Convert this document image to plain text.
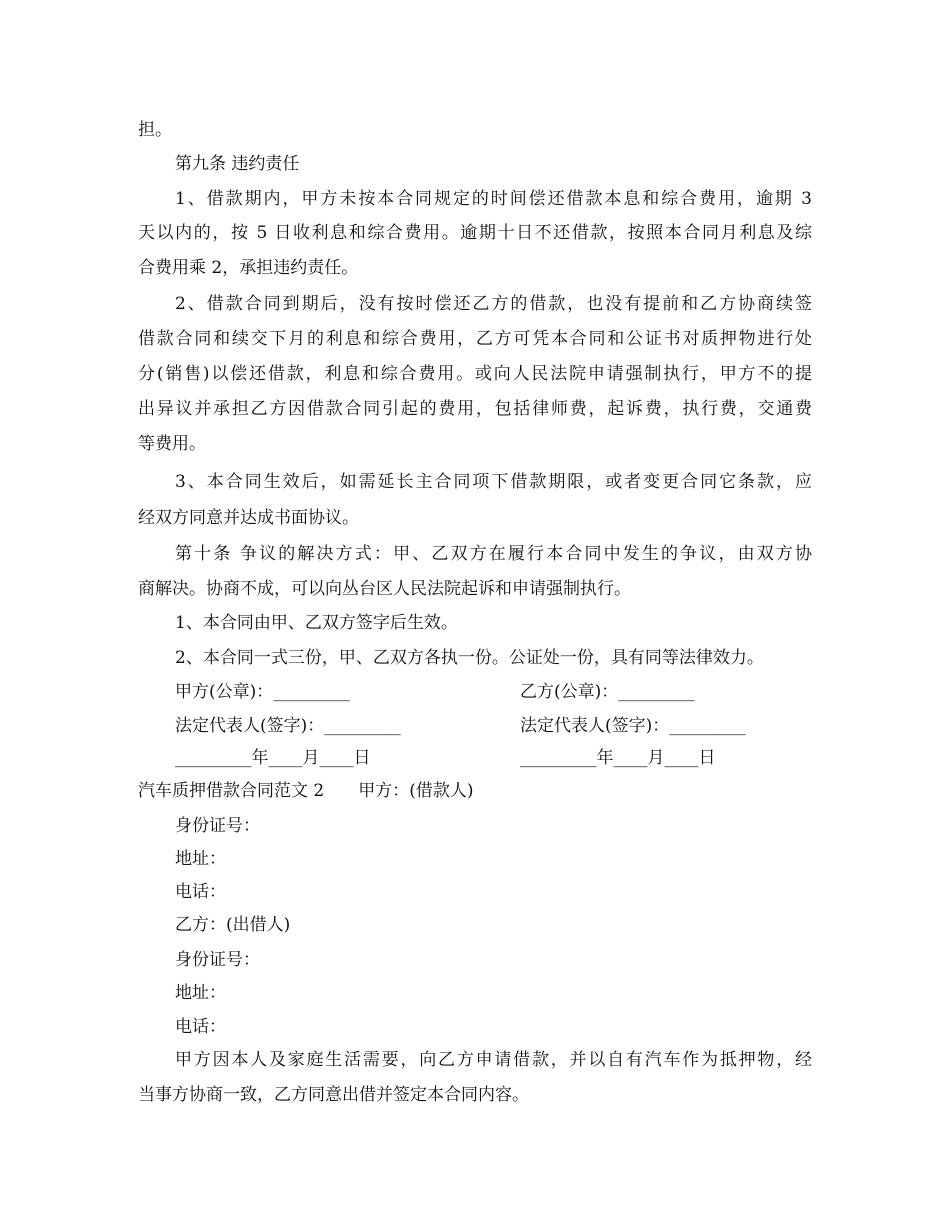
担。
第九条 违约责任
1、借款期内，甲方未按本合同规定的时间偿还借款本息和综合费用，逾期 3
天以内的，按 5 日收利息和综合费用。逾期十日不还借款，按照本合同月利息及综
合费用乘 2，承担违约责任。
2、借款合同到期后，没有按时偿还乙方的借款，也没有提前和乙方协商续签
借款合同和续交下月的利息和综合费用，乙方可凭本合同和公证书对质押物进行处
分(销售)以偿还借款，利息和综合费用。或向人民法院申请强制执行，甲方不的提
出异议并承担乙方因借款合同引起的费用，包括律师费，起诉费，执行费，交通费
等费用。
3、本合同生效后，如需延长主合同项下借款期限，或者变更合同它条款，应
经双方同意并达成书面协议。
第十条 争议的解决方式：甲、乙双方在履行本合同中发生的争议，由双方协
商解决。协商不成，可以向丛台区人民法院起诉和申请强制执行。
1、本合同由甲、乙双方签字后生效。
2、本合同一式三份，甲、乙双方各执一份。公证处一份，具有同等法律效力。
甲方(公章)：_________	乙方(公章)：_________
法定代表人(签字)：_________	法定代表人(签字)：_________
_________年____月____日	_________年____月____日
汽车质押借款合同范文 2　　甲方：(借款人)
身份证号：
地址：
电话：
乙方：(出借人)
身份证号：
地址：
电话：
甲方因本人及家庭生活需要，向乙方申请借款，并以自有汽车作为抵押物，经
当事方协商一致，乙方同意出借并签定本合同内容。
